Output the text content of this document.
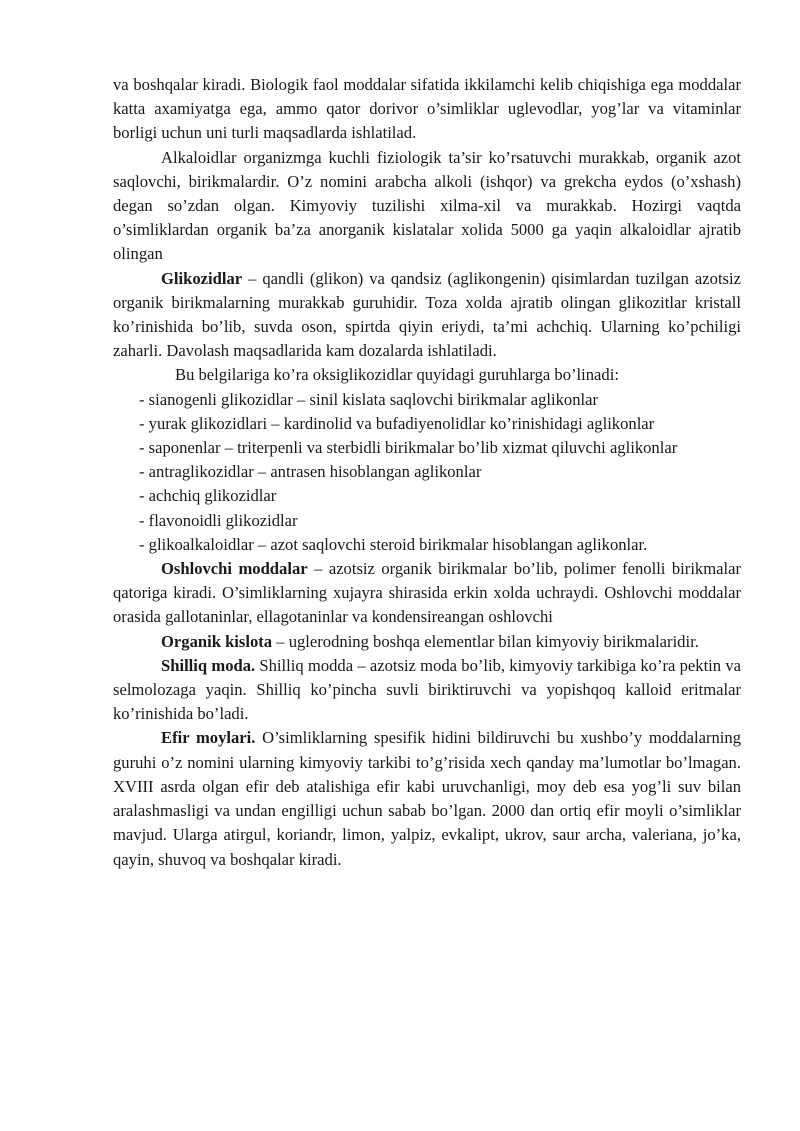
va boshqalar kiradi. Biologik faol moddalar sifatida ikkilamchi kelib chiqishiga ega moddalar katta axamiyatga ega, ammo qator dorivor o’simliklar uglevodlar, yog’lar va vitaminlar borligi uchun uni turli maqsadlarda ishlatilad.

Alkaloidlar organizmga kuchli fiziologik ta’sir ko’rsatuvchi murakkab, organik azot saqlovchi, birikmalardir. O’z nomini arabcha alkoli (ishqor) va grekcha eydos (o’xshash) degan so’zdan olgan. Kimyoviy tuzilishi xilma-xil va murakkab. Hozirgi vaqtda o’simliklardan organik ba’za anorganik kislatalar xolida 5000 ga yaqin alkaloidlar ajratib olingan

Glikozidlar – qandli (glikon) va qandsiz (aglikongenin) qisimlardan tuzilgan azotsiz organik birikmalarning murakkab guruhidir. Toza xolda ajratib olingan glikozitlar kristall ko’rinishida bo’lib, suvda oson, spirtda qiyin eriydi, ta’mi achchiq. Ularning ko’pchiligi zaharli. Davolash maqsadlarida kam dozalarda ishlatiladi.

Bu belgilariga ko’ra oksiglikozidlar quyidagi guruhlarga bo’linadi:

- sianogenli glikozidlar – sinil kislata saqlovchi birikmalar aglikonlar
- yurak glikozidlari – kardinolid va bufadiyenolidlar ko’rinishidagi aglikonlar
- saponenlar – triterpenli va sterbidli birikmalar bo’lib xizmat qiluvchi aglikonlar
- antraglikozidlar – antrasen hisoblangan aglikonlar
- achchiq glikozidlar
- flavonoidli glikozidlar
- glikoalkaloidlar – azot saqlovchi steroid birikmalar hisoblangan aglikonlar.

Oshlovchi moddalar – azotsiz organik birikmalar bo’lib, polimer fenolli birikmalar qatoriga kiradi. O’simliklarning xujayra shirasida erkin xolda uchraydi. Oshlovchi moddalar orasida gallotaninlar, ellagotaninlar va kondensireangan oshlovchi

Organik kislota – uglerodning boshqa elementlar bilan kimyoviy birikmalaridir.

Shilliq moda. Shilliq modda – azotsiz moda bo’lib, kimyoviy tarkibiga ko’ra pektin va selmolozaga yaqin. Shilliq ko’pincha suvli biriktiruvchi va yopishqoq kalloid eritmalar ko’rinishida bo’ladi.

Efir moylari. O’simliklarning spesifik hidini bildiruvchi bu xushbo’y moddalarning guruhi o’z nomini ularning kimyoviy tarkibi to’g’risida xech qanday ma’lumotlar bo’lmagan. XVIII asrda olgan efir deb atalishiga efir kabi uruvchanligi, moy deb esa yog’li suv bilan aralashmasligi va undan engilligi uchun sabab bo’lgan. 2000 dan ortiq efir moyli o’simliklar mavjud. Ularga atirgul, koriandr, limon, yalpiz, evkalipt, ukrov, saur archa, valeriana, jo’ka, qayin, shuvoq va boshqalar kiradi.
